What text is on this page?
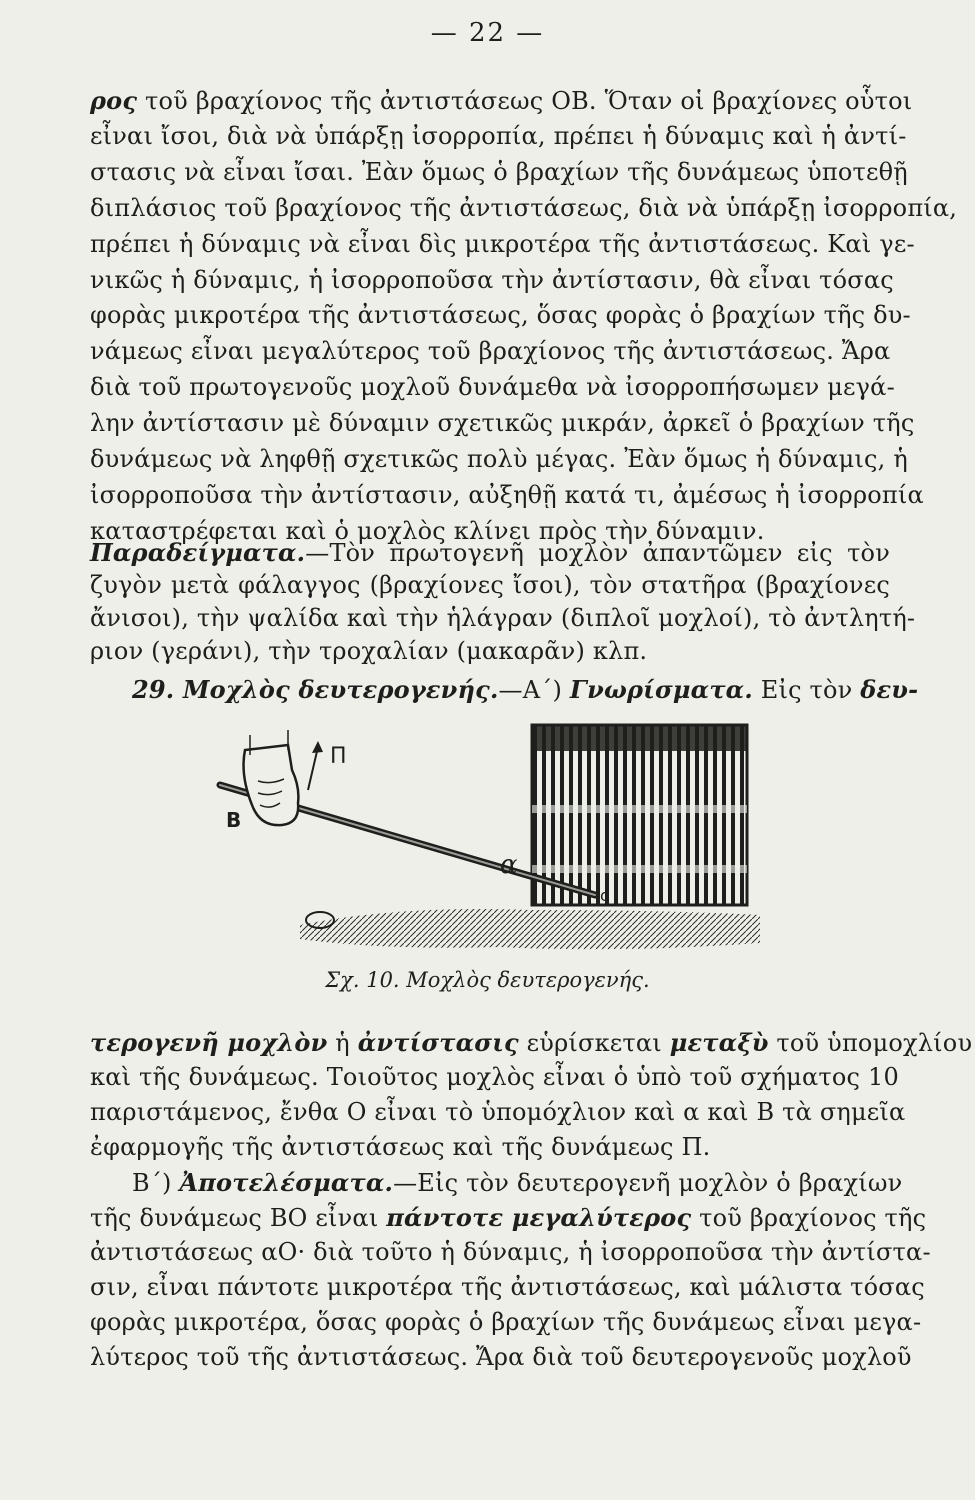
— 22 —
ρος τοῦ βραχίονος τῆς ἀντιστάσεως ΟΒ. Ὅταν οἱ βραχίονες οὗτοι
εἶναι ἴσοι, διὰ νὰ ὑπάρξῃ ἰσορροπία, πρέπει ἡ δύναμις καὶ ἡ ἀντί-
στασις νὰ εἶναι ἴσαι. Ἐὰν ὅμως ὁ βραχίων τῆς δυνάμεως ὑποτεθῇ
διπλάσιος τοῦ βραχίονος τῆς ἀντιστάσεως, διὰ νὰ ὑπάρξῃ ἰσορροπία,
πρέπει ἡ δύναμις νὰ εἶναι δὶς μικροτέρα τῆς ἀντιστάσεως. Καὶ γε-
νικῶς ἡ δύναμις, ἡ ἰσορροποῦσα τὴν ἀντίστασιν, θὰ εἶναι τόσας
φορὰς μικροτέρα τῆς ἀντιστάσεως, ὅσας φορὰς ὁ βραχίων τῆς δυ-
νάμεως εἶναι μεγαλύτερος τοῦ βραχίονος τῆς ἀντιστάσεως. Ἄρα
διὰ τοῦ πρωτογενοῦς μοχλοῦ δυνάμεθα νὰ ἰσορροπήσωμεν μεγά-
λην ἀντίστασιν μὲ δύναμιν σχετικῶς μικράν, ἀρκεῖ ὁ βραχίων τῆς
δυνάμεως νὰ ληφθῇ σχετικῶς πολὺ μέγας. Ἐὰν ὅμως ἡ δύναμις, ἡ
ἰσορροποῦσα τὴν ἀντίστασιν, αὐξηθῇ κατά τι, ἀμέσως ἡ ἰσορροπία
καταστρέφεται καὶ ὁ μοχλὸς κλίνει πρὸς τὴν δύναμιν.
Παραδείγματα.—Τὸν πρωτογενῆ μοχλὸν ἀπαντῶμεν εἰς τὸν
ζυγὸν μετὰ φάλαγγος (βραχίονες ἴσοι), τὸν στατῆρα (βραχίονες
ἄνισοι), τὴν ψαλίδα καὶ τὴν ἡλάγραν (διπλοῖ μοχλοί), τὸ ἀντλητή-
ριον (γεράνι), τὴν τροχαλίαν (μακαρᾶν) κλπ.
29. Μοχλὸς δευτερογενής.—Α΄) Γνωρίσματα. Εἰς τὸν δευ-
Π
Β
α
ο
Σχ. 10. Μοχλὸς δευτερογενής.
τερογενῆ μοχλὸν ἡ ἀντίστασις εὑρίσκεται μεταξὺ τοῦ ὑπομοχλίου
καὶ τῆς δυνάμεως. Τοιοῦτος μοχλὸς εἶναι ὁ ὑπὸ τοῦ σχήματος 10
παριστάμενος, ἔνθα Ο εἶναι τὸ ὑπομόχλιον καὶ α καὶ Β τὰ σημεῖα
ἐφαρμογῆς τῆς ἀντιστάσεως καὶ τῆς δυνάμεως Π.
Β΄) Ἀποτελέσματα.—Εἰς τὸν δευτερογενῆ μοχλὸν ὁ βραχίων
τῆς δυνάμεως ΒΟ εἶναι πάντοτε μεγαλύτερος τοῦ βραχίονος τῆς
ἀντιστάσεως αΟ· διὰ τοῦτο ἡ δύναμις, ἡ ἰσορροποῦσα τὴν ἀντίστα-
σιν, εἶναι πάντοτε μικροτέρα τῆς ἀντιστάσεως, καὶ μάλιστα τόσας
φορὰς μικροτέρα, ὅσας φορὰς ὁ βραχίων τῆς δυνάμεως εἶναι μεγα-
λύτερος τοῦ τῆς ἀντιστάσεως. Ἄρα διὰ τοῦ δευτερογενοῦς μοχλοῦ
